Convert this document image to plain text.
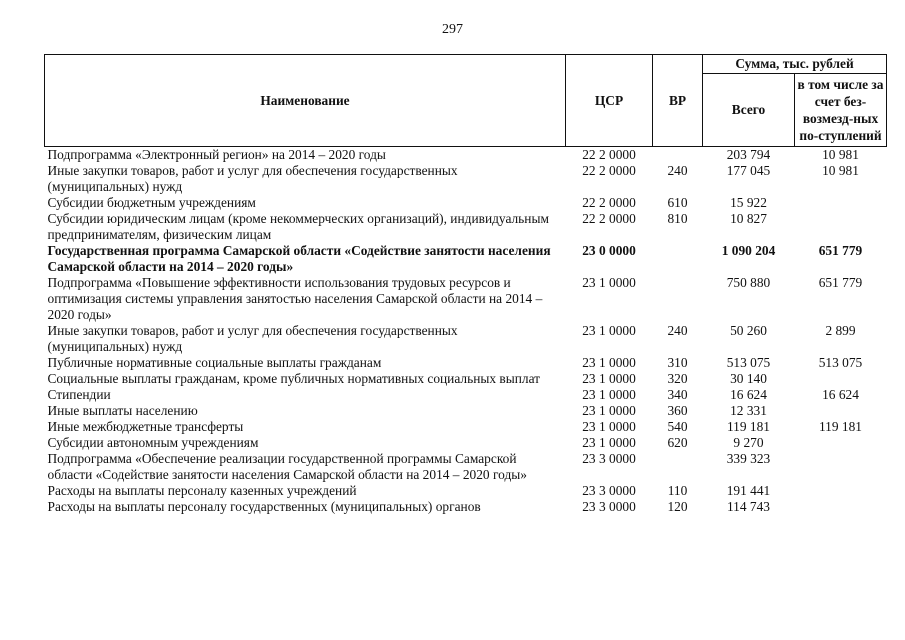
297
Наименование	ЦСР	ВР	Сумма, тыс. рублей	
			Всего	в том числе за счет без-возмезд-ных по-ступлений
Подпрограмма «Электронный регион» на 2014 – 2020 годы	22 2 0000		203 794	10 981
Иные закупки товаров, работ и услуг для обеспечения государственных (муниципальных) нужд	22 2 0000	240	177 045	10 981
Субсидии бюджетным учреждениям	22 2 0000	610	15 922	
Субсидии юридическим лицам (кроме некоммерческих организаций), индивидуальным предпринимателям, физическим лицам	22 2 0000	810	10 827	
Государственная программа Самарской области «Содействие занятости населения Самарской области на 2014 – 2020 годы»	23 0 0000		1 090 204	651 779
Подпрограмма «Повышение эффективности использования трудовых ресурсов и оптимизация системы управления занятостью населения Самарской области на 2014 – 2020 годы»	23 1 0000		750 880	651 779
Иные закупки товаров, работ и услуг для обеспечения государственных (муниципальных) нужд	23 1 0000	240	50 260	2 899
Публичные нормативные социальные выплаты гражданам	23 1 0000	310	513 075	513 075
Социальные выплаты гражданам, кроме публичных нормативных социальных выплат	23 1 0000	320	30 140	
Стипендии	23 1 0000	340	16 624	16 624
Иные выплаты населению	23 1 0000	360	12 331	
Иные межбюджетные трансферты	23 1 0000	540	119 181	119 181
Субсидии автономным учреждениям	23 1 0000	620	9 270	
Подпрограмма «Обеспечение реализации государственной программы Самарской области «Содействие занятости населения Самарской области на 2014 – 2020 годы»	23 3 0000		339 323	
Расходы на выплаты персоналу казенных учреждений	23 3 0000	110	191 441	
Расходы на выплаты персоналу государственных (муниципальных) органов	23 3 0000	120	114 743	
